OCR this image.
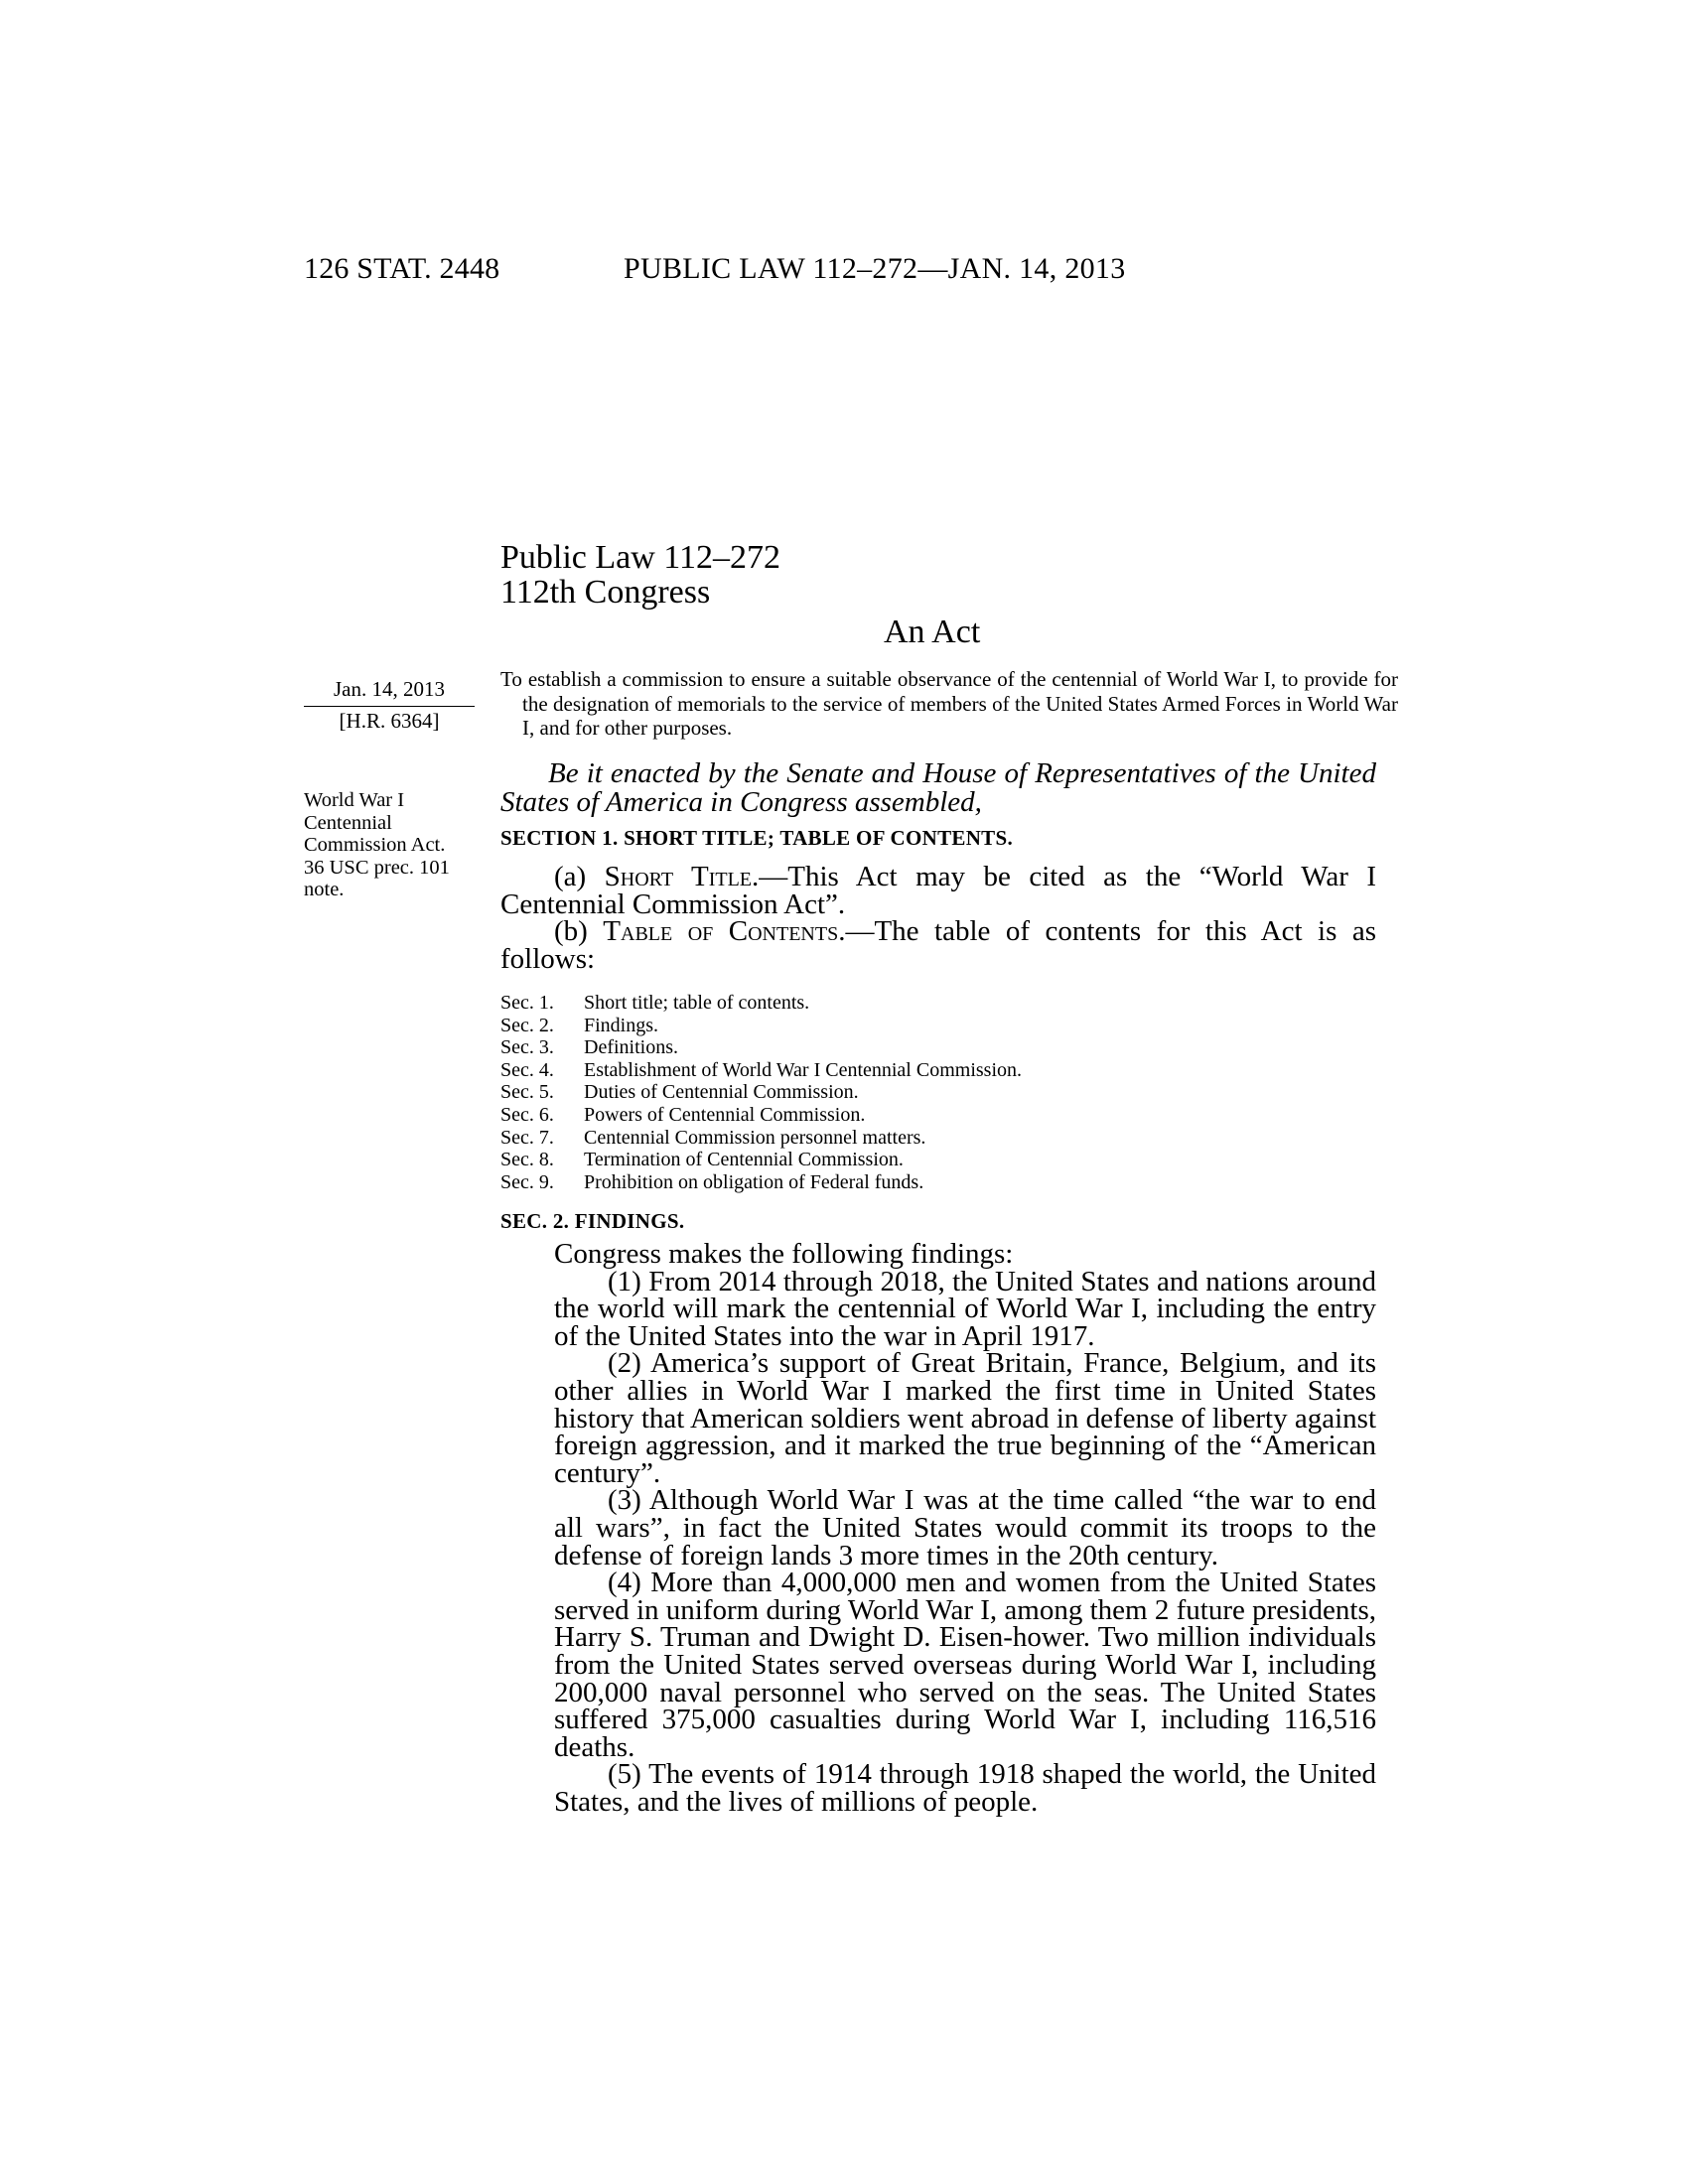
126 STAT. 2448	PUBLIC LAW 112–272—JAN. 14, 2013
Public Law 112–272
112th Congress
An Act
Jan. 14, 2013
[H.R. 6364]
World War I
Centennial
Commission Act.
36 USC prec. 101
note.
To establish a commission to ensure a suitable observance of the centennial of World War I, to provide for the designation of memorials to the service of members of the United States Armed Forces in World War I, and for other purposes.
Be it enacted by the Senate and House of Representatives of the United States of America in Congress assembled,
SECTION 1. SHORT TITLE; TABLE OF CONTENTS.
(a) Short Title.—This Act may be cited as the “World War I Centennial Commission Act”.
(b) Table of Contents.—The table of contents for this Act is as follows:
Sec. 1. Short title; table of contents.
Sec. 2. Findings.
Sec. 3. Definitions.
Sec. 4. Establishment of World War I Centennial Commission.
Sec. 5. Duties of Centennial Commission.
Sec. 6. Powers of Centennial Commission.
Sec. 7. Centennial Commission personnel matters.
Sec. 8. Termination of Centennial Commission.
Sec. 9. Prohibition on obligation of Federal funds.
SEC. 2. FINDINGS.

Congress makes the following findings:

(1) From 2014 through 2018, the United States and nations around the world will mark the centennial of World War I, including the entry of the United States into the war in April 1917.

(2) America’s support of Great Britain, France, Belgium, and its other allies in World War I marked the first time in United States history that American soldiers went abroad in defense of liberty against foreign aggression, and it marked the true beginning of the “American century”.

(3) Although World War I was at the time called “the war to end all wars”, in fact the United States would commit its troops to the defense of foreign lands 3 more times in the 20th century.

(4) More than 4,000,000 men and women from the United States served in uniform during World War I, among them 2 future presidents, Harry S. Truman and Dwight D. Eisen-hower. Two million individuals from the United States served overseas during World War I, including 200,000 naval personnel who served on the seas. The United States suffered 375,000 casualties during World War I, including 116,516 deaths.

(5) The events of 1914 through 1918 shaped the world, the United States, and the lives of millions of people.
